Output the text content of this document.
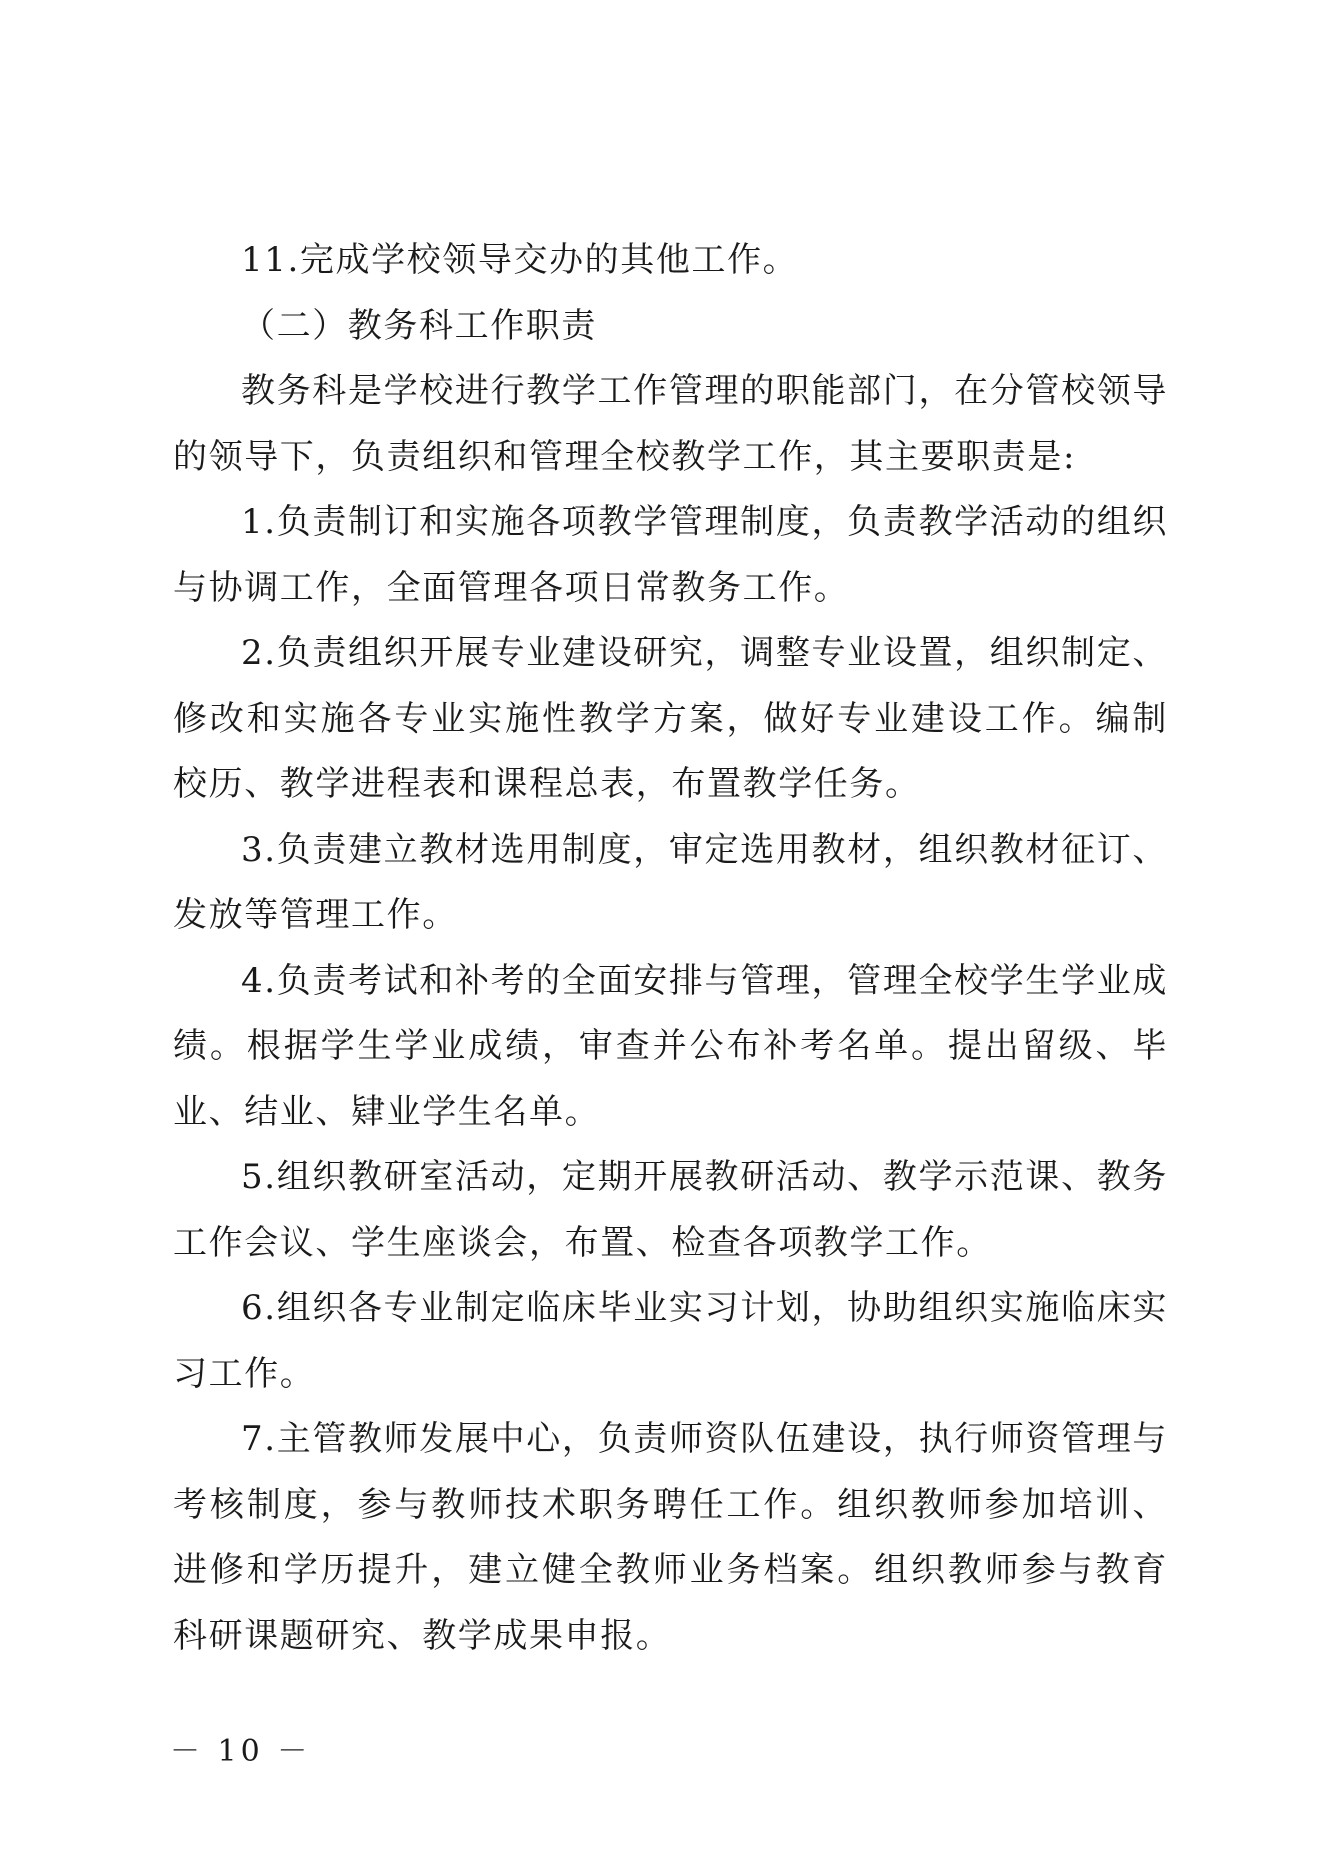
11.完成学校领导交办的其他工作。

（二）教务科工作职责

教务科是学校进行教学工作管理的职能部门，在分管校领导的领导下，负责组织和管理全校教学工作，其主要职责是:

1.负责制订和实施各项教学管理制度，负责教学活动的组织与协调工作，全面管理各项日常教务工作。

2.负责组织开展专业建设研究，调整专业设置，组织制定、修改和实施各专业实施性教学方案，做好专业建设工作。编制校历、教学进程表和课程总表，布置教学任务。

3.负责建立教材选用制度，审定选用教材，组织教材征订、发放等管理工作。

4.负责考试和补考的全面安排与管理，管理全校学生学业成绩。根据学生学业成绩，审查并公布补考名单。提出留级、毕业、结业、肄业学生名单。

5.组织教研室活动，定期开展教研活动、教学示范课、教务工作会议、学生座谈会，布置、检查各项教学工作。

6.组织各专业制定临床毕业实习计划，协助组织实施临床实习工作。

7.主管教师发展中心，负责师资队伍建设，执行师资管理与考核制度，参与教师技术职务聘任工作。组织教师参加培训、进修和学历提升，建立健全教师业务档案。组织教师参与教育科研课题研究、教学成果申报。

－ 10 －
